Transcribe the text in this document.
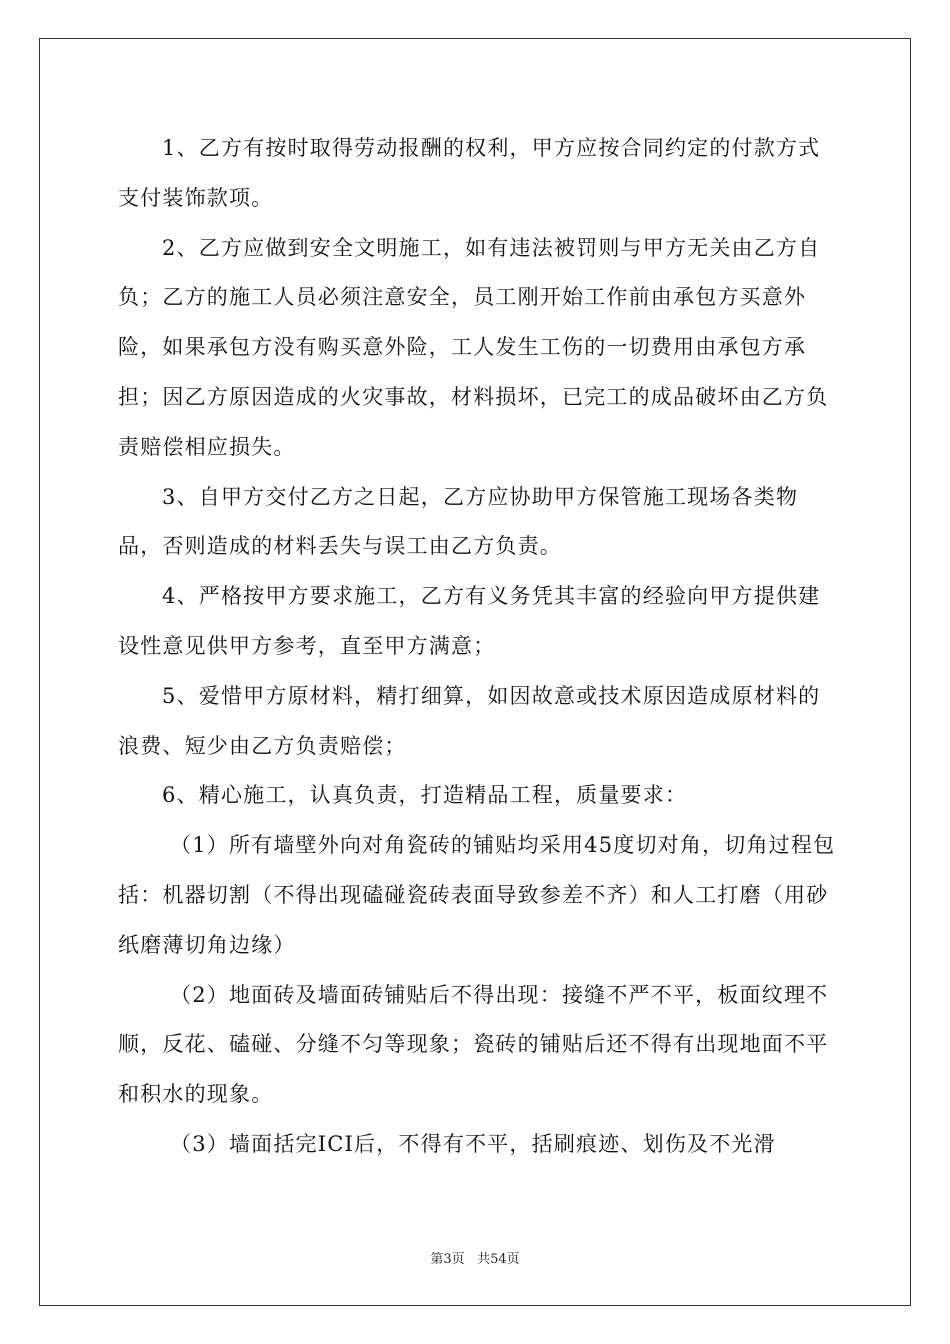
1、乙方有按时取得劳动报酬的权利，甲方应按合同约定的付款方式支付装饰款项。

2、乙方应做到安全文明施工，如有违法被罚则与甲方无关由乙方自负；乙方的施工人员必须注意安全，员工刚开始工作前由承包方买意外险，如果承包方没有购买意外险，工人发生工伤的一切费用由承包方承担；因乙方原因造成的火灾事故，材料损坏，已完工的成品破坏由乙方负责赔偿相应损失。

3、自甲方交付乙方之日起，乙方应协助甲方保管施工现场各类物品，否则造成的材料丢失与误工由乙方负责。

4、严格按甲方要求施工，乙方有义务凭其丰富的经验向甲方提供建设性意见供甲方参考，直至甲方满意；

5、爱惜甲方原材料，精打细算，如因故意或技术原因造成原材料的浪费、短少由乙方负责赔偿；

6、精心施工，认真负责，打造精品工程，质量要求：

（1）所有墙壁外向对角瓷砖的铺贴均采用45度切对角，切角过程包括：机器切割（不得出现磕碰瓷砖表面导致参差不齐）和人工打磨（用砂纸磨薄切角边缘）

（2）地面砖及墙面砖铺贴后不得出现：接缝不严不平，板面纹理不顺，反花、磕碰、分缝不匀等现象；瓷砖的铺贴后还不得有出现地面不平和积水的现象。

（3）墙面括完ICI后，不得有不平，括刷痕迹、划伤及不光滑

第3页 共54页
